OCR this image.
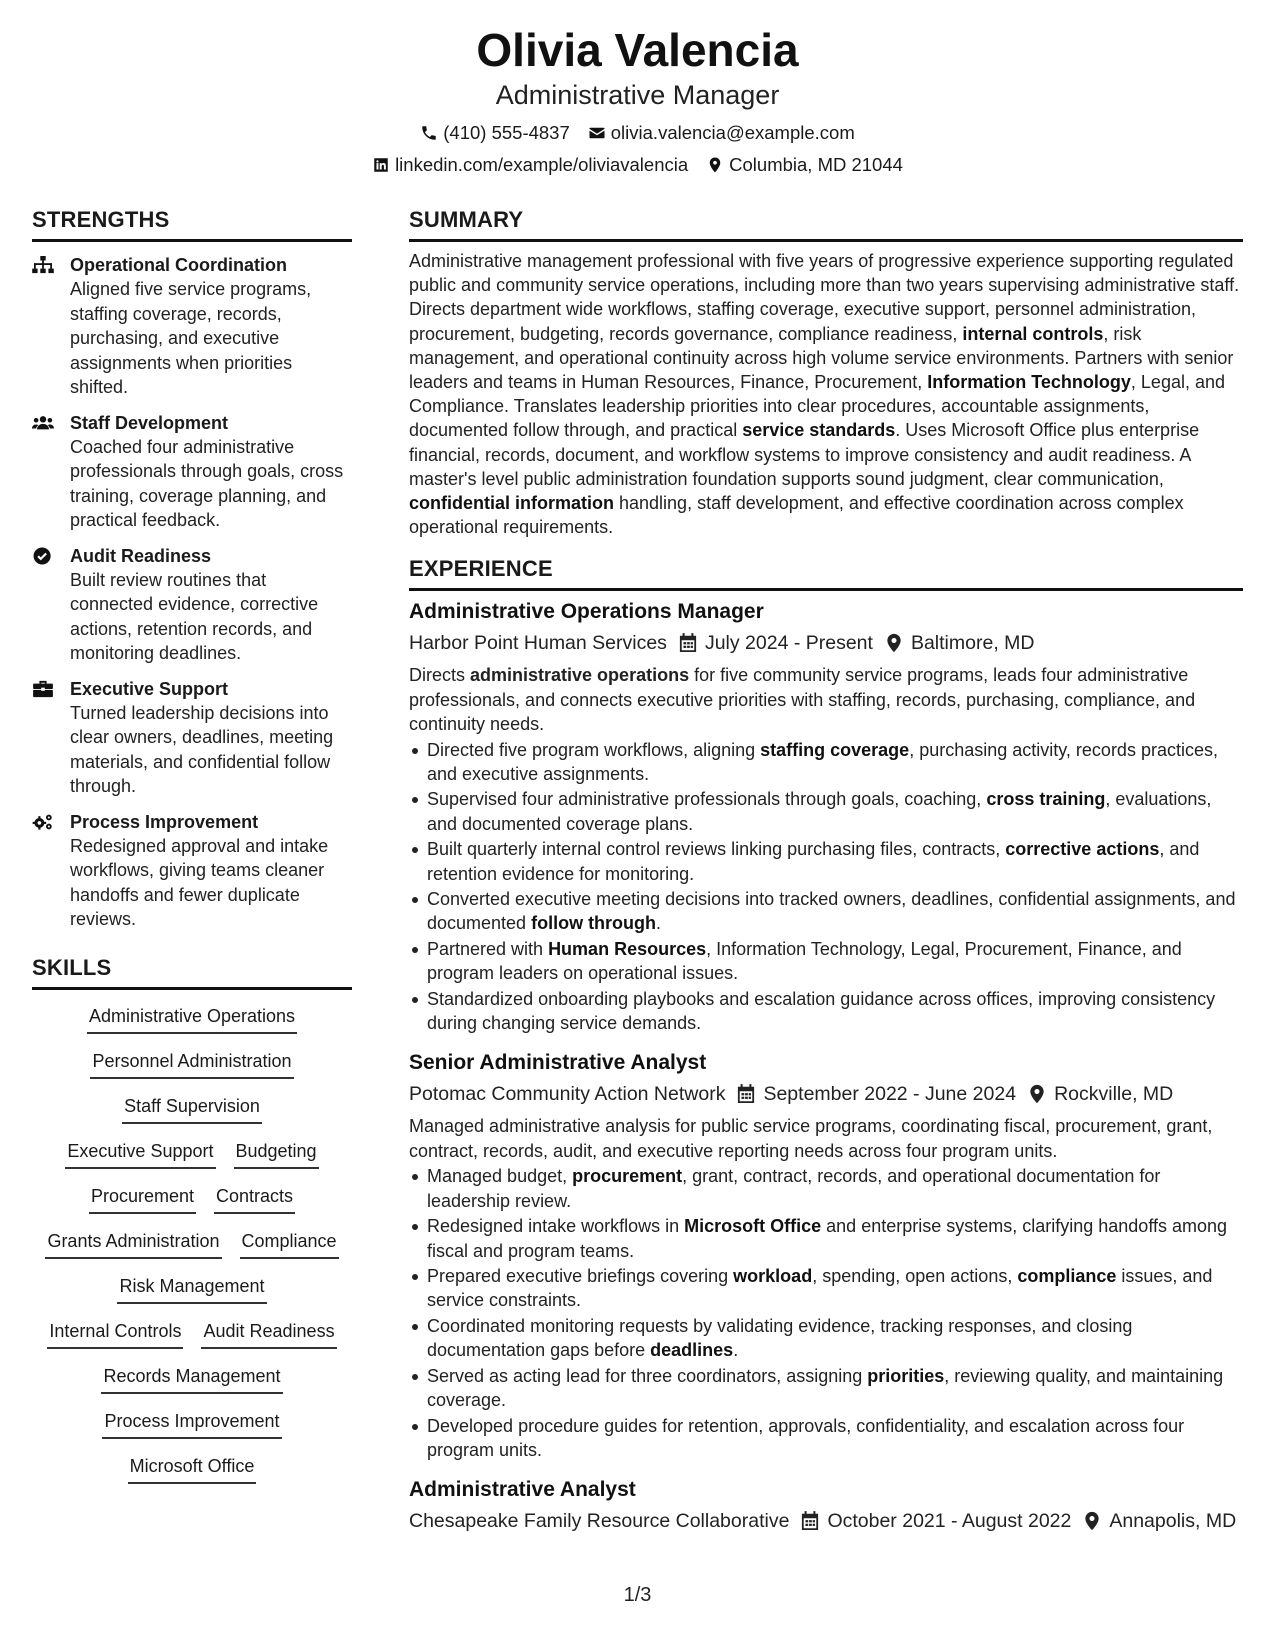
Olivia Valencia
Administrative Manager
(410) 555-4837 olivia.valencia@example.com
linkedin.com/example/oliviavalencia Columbia, MD 21044
STRENGTHS
Operational Coordination
Aligned five service programs, staffing coverage, records, purchasing, and executive assignments when priorities shifted.
Staff Development
Coached four administrative professionals through goals, cross training, coverage planning, and practical feedback.
Audit Readiness
Built review routines that connected evidence, corrective actions, retention records, and monitoring deadlines.
Executive Support
Turned leadership decisions into clear owners, deadlines, meeting materials, and confidential follow through.
Process Improvement
Redesigned approval and intake workflows, giving teams cleaner handoffs and fewer duplicate reviews.
SKILLS
Administrative Operations
Personnel Administration
Staff Supervision
Executive Support Budgeting
Procurement Contracts
Grants Administration Compliance
Risk Management
Internal Controls Audit Readiness
Records Management
Process Improvement
Microsoft Office
SUMMARY
Administrative management professional with five years of progressive experience supporting regulated public and community service operations, including more than two years supervising administrative staff. Directs department wide workflows, staffing coverage, executive support, personnel administration, procurement, budgeting, records governance, compliance readiness, internal controls, risk management, and operational continuity across high volume service environments. Partners with senior leaders and teams in Human Resources, Finance, Procurement, Information Technology, Legal, and Compliance. Translates leadership priorities into clear procedures, accountable assignments, documented follow through, and practical service standards. Uses Microsoft Office plus enterprise financial, records, document, and workflow systems to improve consistency and audit readiness. A master's level public administration foundation supports sound judgment, clear communication, confidential information handling, staff development, and effective coordination across complex operational requirements.
EXPERIENCE
Administrative Operations Manager
Harbor Point Human Services July 2024 - Present Baltimore, MD
Directs administrative operations for five community service programs, leads four administrative professionals, and connects executive priorities with staffing, records, purchasing, compliance, and continuity needs.
Directed five program workflows, aligning staffing coverage, purchasing activity, records practices, and executive assignments.
Supervised four administrative professionals through goals, coaching, cross training, evaluations, and documented coverage plans.
Built quarterly internal control reviews linking purchasing files, contracts, corrective actions, and retention evidence for monitoring.
Converted executive meeting decisions into tracked owners, deadlines, confidential assignments, and documented follow through.
Partnered with Human Resources, Information Technology, Legal, Procurement, Finance, and program leaders on operational issues.
Standardized onboarding playbooks and escalation guidance across offices, improving consistency during changing service demands.
Senior Administrative Analyst
Potomac Community Action Network September 2022 - June 2024 Rockville, MD
Managed administrative analysis for public service programs, coordinating fiscal, procurement, grant, contract, records, audit, and executive reporting needs across four program units.
Managed budget, procurement, grant, contract, records, and operational documentation for leadership review.
Redesigned intake workflows in Microsoft Office and enterprise systems, clarifying handoffs among fiscal and program teams.
Prepared executive briefings covering workload, spending, open actions, compliance issues, and service constraints.
Coordinated monitoring requests by validating evidence, tracking responses, and closing documentation gaps before deadlines.
Served as acting lead for three coordinators, assigning priorities, reviewing quality, and maintaining coverage.
Developed procedure guides for retention, approvals, confidentiality, and escalation across four program units.
Administrative Analyst
Chesapeake Family Resource Collaborative October 2021 - August 2022 Annapolis, MD
1/3
